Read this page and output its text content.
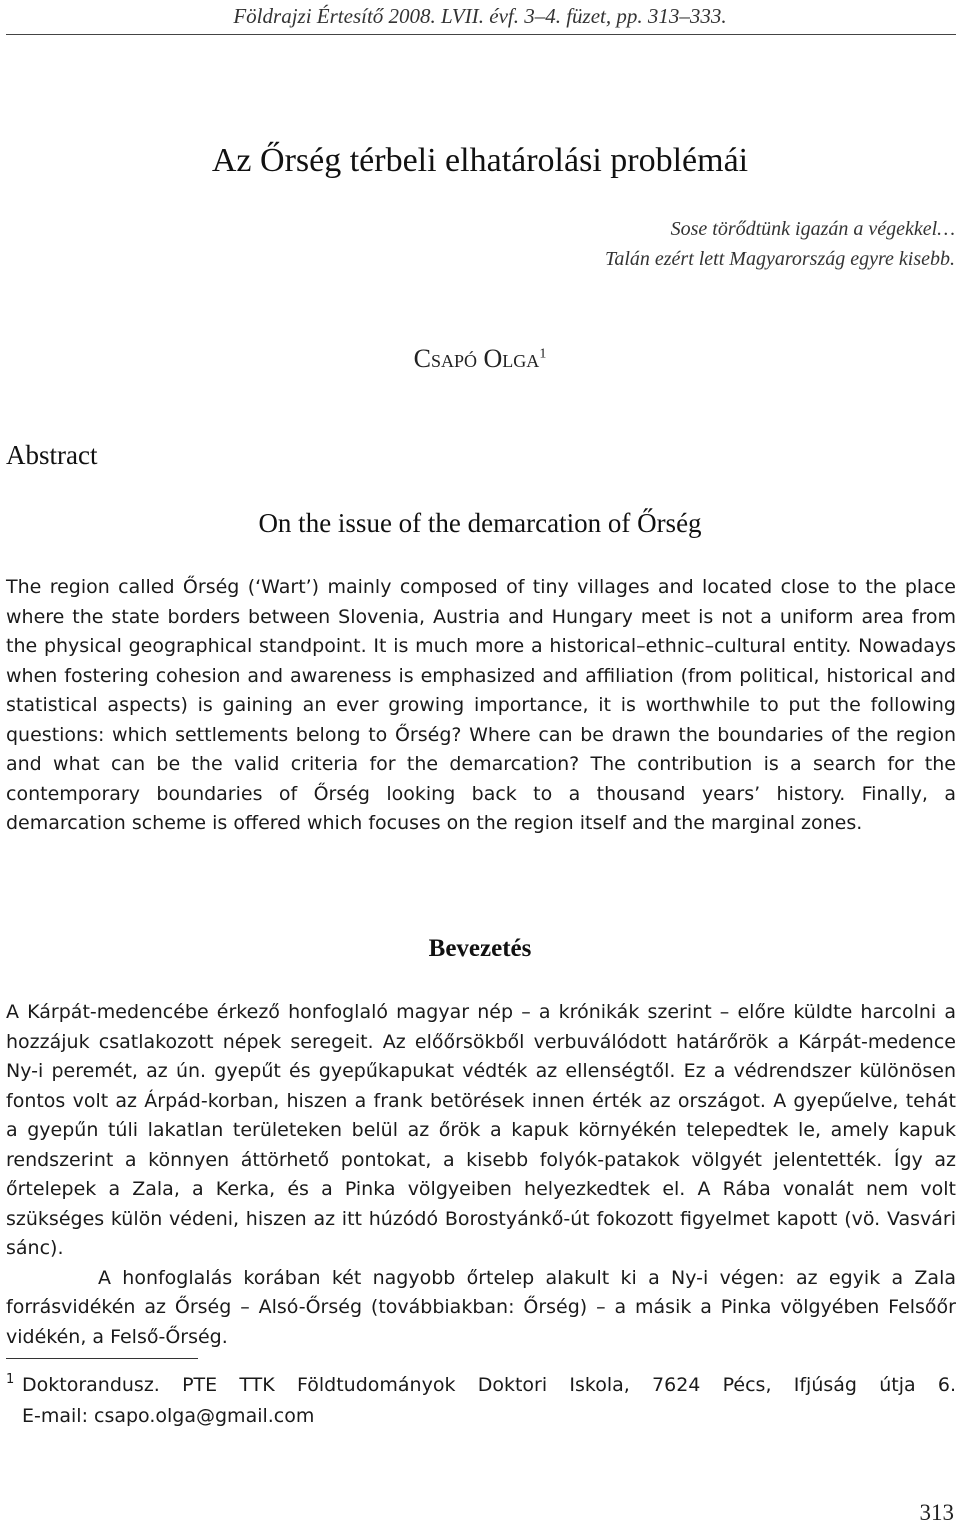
Földrajzi Értesítő 2008. LVII. évf. 3–4. füzet, pp. 313–333.
Az Őrség térbeli elhatárolási problémái
Sose törődtünk igazán a végekkel…
Talán ezért lett Magyarország egyre kisebb.
Csapó Olga$^1$
Abstract
On the issue of the demarcation of Őrség
The region called Őrség (‘Wart’) mainly composed of tiny villages and located close to the place where the state borders between Slovenia, Austria and Hungary meet is not a uniform area from the physical geographical standpoint. It is much more a historical–ethnic–cultural entity. Nowadays when fostering cohesion and awareness is emphasized and affiliation (from political, historical and statistical aspects) is gaining an ever growing importance, it is worthwhile to put the following questions: which settlements belong to Őrség? Where can be drawn the boundaries of the region and what can be the valid criteria for the demarcation? The contribution is a search for the contemporary boundaries of Őrség looking back to a thousand years’ history. Finally, a demarcation scheme is offered which focuses on the region itself and the marginal zones.
Bevezetés
A Kárpát-medencébe érkező honfoglaló magyar nép – a krónikák szerint – előre küldte harcolni a hozzájuk csatlakozott népek seregeit. Az előőrsökből verbuválódott határőrök a Kárpát-medence Ny-i peremét, az ún. gyepűt és gyepűkapukat védték az ellenségtől. Ez a védrendszer különösen fontos volt az Árpád-korban, hiszen a frank betörések innen érték az országot. A gyepűelve, tehát a gyepűn túli lakatlan területeken belül az őrök a kapuk környékén telepedtek le, amely kapuk rendszerint a könnyen áttörhető pontokat, a kisebb folyók-patakok völgyét jelentették. Így az őrtelepek a Zala, a Kerka, és a Pinka völgyeiben helyezkedtek el. A Rába vonalát nem volt szükséges külön védeni, hiszen az itt húzódó Borostyánkő-út fokozott figyelmet kapott (vö. Vasvári sánc).
A honfoglalás korában két nagyobb őrtelep alakult ki a Ny-i végen: az egyik a Zala forrásvidékén az Őrség – Alsó-Őrség (továbbiakban: Őrség) – a másik a Pinka völgyében Felsőőr vidékén, a Felső-Őrség.
1 Doktorandusz. PTE TTK Földtudományok Doktori Iskola, 7624 Pécs, Ifjúság útja 6.
E-mail: csapo.olga@gmail.com
313
